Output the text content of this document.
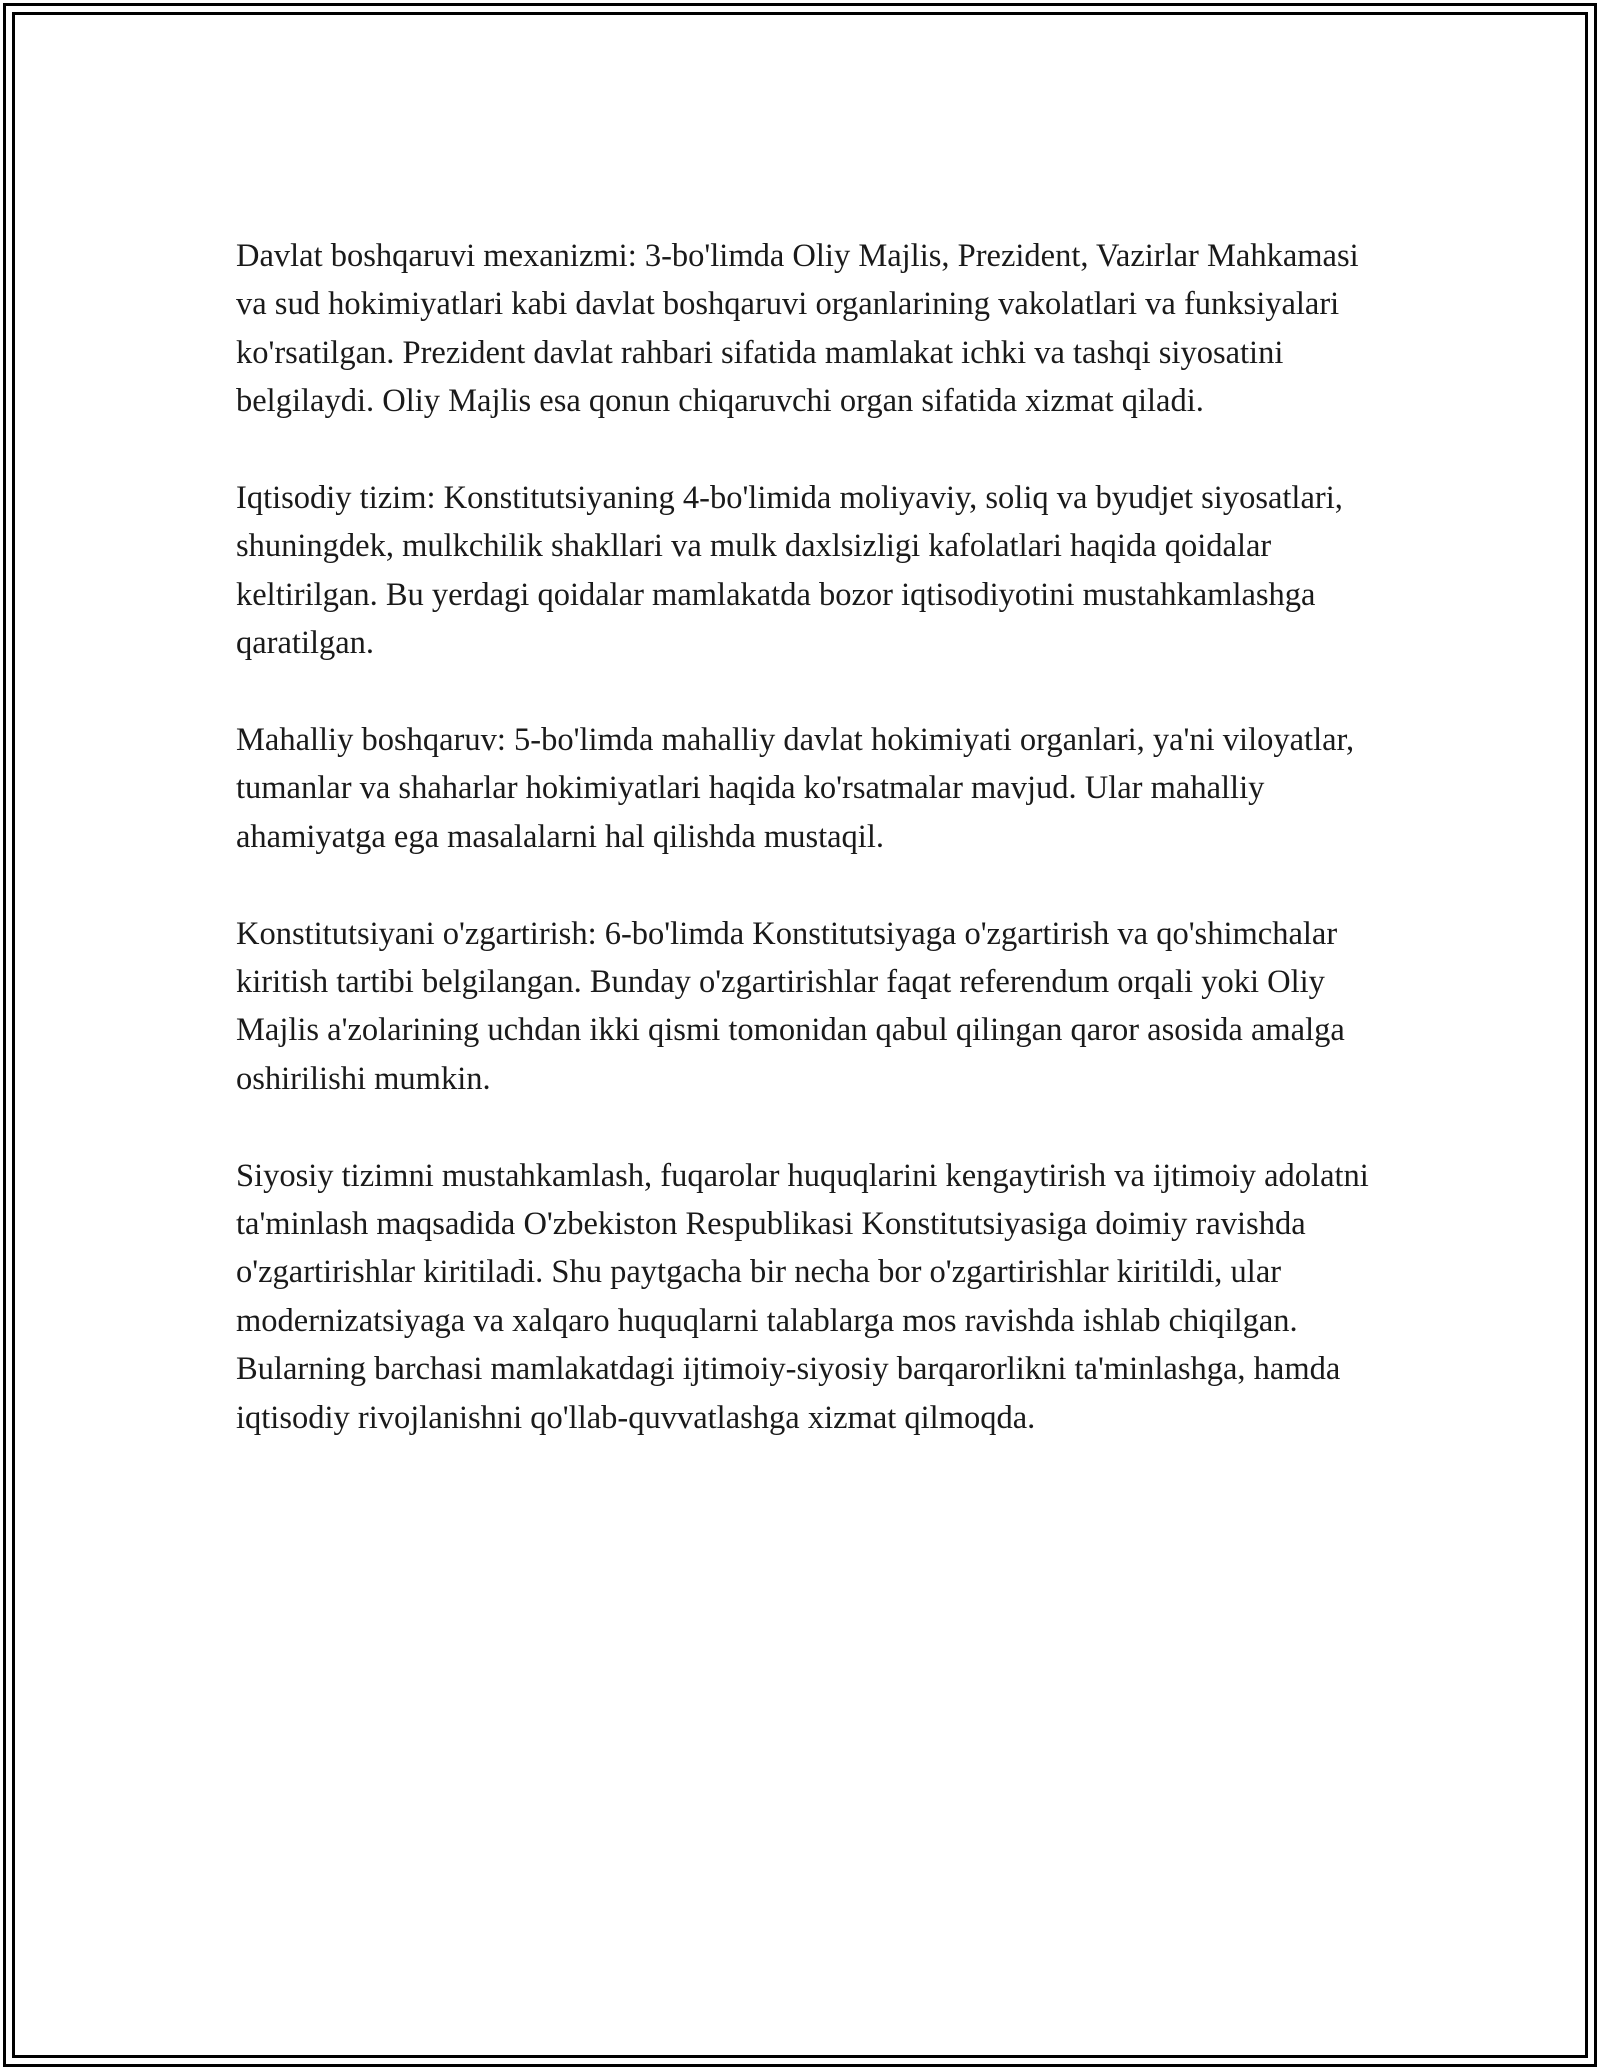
Davlat boshqaruvi mexanizmi: 3-bo'limda Oliy Majlis, Prezident, Vazirlar Mahkamasi va sud hokimiyatlari kabi davlat boshqaruvi organlarining vakolatlari va funksiyalari ko'rsatilgan. Prezident davlat rahbari sifatida mamlakat ichki va tashqi siyosatini belgilaydi. Oliy Majlis esa qonun chiqaruvchi organ sifatida xizmat qiladi.

Iqtisodiy tizim: Konstitutsiyaning 4-bo'limida moliyaviy, soliq va byudjet siyosatlari, shuningdek, mulkchilik shakllari va mulk daxlsizligi kafolatlari haqida qoidalar keltirilgan. Bu yerdagi qoidalar mamlakatda bozor iqtisodiyotini mustahkamlashga qaratilgan.

Mahalliy boshqaruv: 5-bo'limda mahalliy davlat hokimiyati organlari, ya'ni viloyatlar, tumanlar va shaharlar hokimiyatlari haqida ko'rsatmalar mavjud. Ular mahalliy ahamiyatga ega masalalarni hal qilishda mustaqil.

Konstitutsiyani o'zgartirish: 6-bo'limda Konstitutsiyaga o'zgartirish va qo'shimchalar kiritish tartibi belgilangan. Bunday o'zgartirishlar faqat referendum orqali yoki Oliy Majlis a'zolarining uchdan ikki qismi tomonidan qabul qilingan qaror asosida amalga oshirilishi mumkin.

Siyosiy tizimni mustahkamlash, fuqarolar huquqlarini kengaytirish va ijtimoiy adolatni ta'minlash maqsadida O'zbekiston Respublikasi Konstitutsiyasiga doimiy ravishda o'zgartirishlar kiritiladi. Shu paytgacha bir necha bor o'zgartirishlar kiritildi, ular modernizatsiyaga va xalqaro huquqlarni talablarga mos ravishda ishlab chiqilgan. Bularning barchasi mamlakatdagi ijtimoiy-siyosiy barqarorlikni ta'minlashga, hamda iqtisodiy rivojlanishni qo'llab-quvvatlashga xizmat qilmoqda.
